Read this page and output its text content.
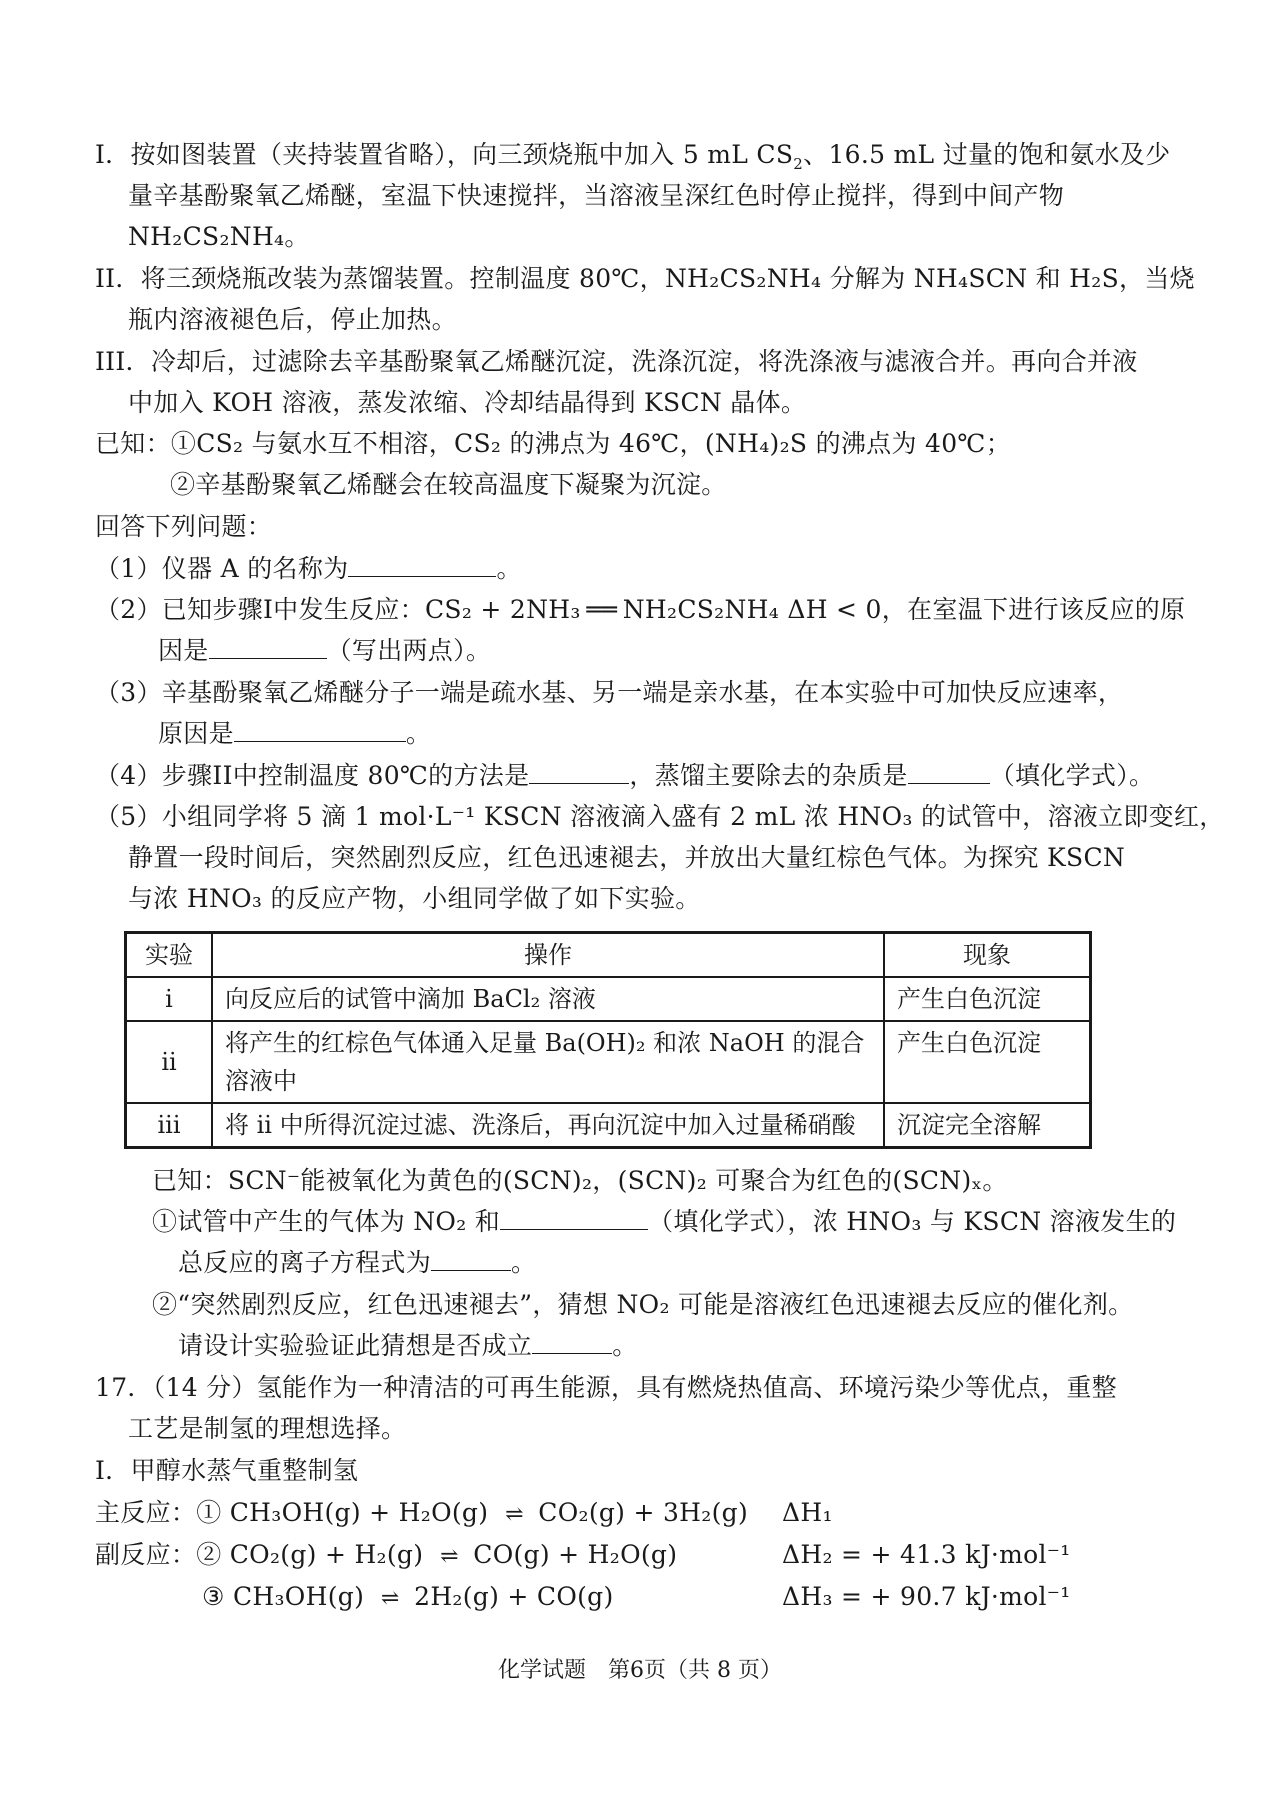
I．按如图装置（夹持装置省略），向三颈烧瓶中加入 5 mL $CS_2$、16.5 mL 过量的饱和氨水及少
量辛基酚聚氧乙烯醚，室温下快速搅拌，当溶液呈深红色时停止搅拌，得到中间产物
NH₂CS₂NH₄。
II．将三颈烧瓶改装为蒸馏装置。控制温度 80℃，NH₂CS₂NH₄ 分解为 NH₄SCN 和 H₂S，当烧
瓶内溶液褪色后，停止加热。
III．冷却后，过滤除去辛基酚聚氧乙烯醚沉淀，洗涤沉淀，将洗涤液与滤液合并。再向合并液
中加入 KOH 溶液，蒸发浓缩、冷却结晶得到 KSCN 晶体。
已知：①CS₂ 与氨水互不相溶，CS₂ 的沸点为 46℃，(NH₄)₂S 的沸点为 40℃；
②辛基酚聚氧乙烯醚会在较高温度下凝聚为沉淀。
回答下列问题：
（1）仪器 A 的名称为	。
（2）已知步骤I中发生反应：CS₂ + 2NH₃ ══ NH₂CS₂NH₄ ΔH < 0，在室温下进行该反应的原
因是	（写出两点）。
（3）辛基酚聚氧乙烯醚分子一端是疏水基、另一端是亲水基，在本实验中可加快反应速率，
原因是	。
（4）步骤II中控制温度 80℃的方法是	，蒸馏主要除去的杂质是	（填化学式）。
（5）小组同学将 5 滴 1 mol·L⁻¹ KSCN 溶液滴入盛有 2 mL 浓 HNO₃ 的试管中，溶液立即变红，
静置一段时间后，突然剧烈反应，红色迅速褪去，并放出大量红棕色气体。为探究 KSCN
与浓 HNO₃ 的反应产物，小组同学做了如下实验。
实验	操作	现象
i	向反应后的试管中滴加 BaCl₂ 溶液	产生白色沉淀
ii	将产生的红棕色气体通入足量 Ba(OH)₂ 和浓 NaOH 的混合溶液中	产生白色沉淀
iii	将 ii 中所得沉淀过滤、洗涤后，再向沉淀中加入过量稀硝酸	沉淀完全溶解
已知：SCN⁻能被氧化为黄色的(SCN)₂，(SCN)₂ 可聚合为红色的(SCN)ₓ。
①试管中产生的气体为 NO₂ 和	（填化学式），浓 HNO₃ 与 KSCN 溶液发生的
总反应的离子方程式为	。
②“突然剧烈反应，红色迅速褪去”，猜想 NO₂ 可能是溶液红色迅速褪去反应的催化剂。
请设计实验验证此猜想是否成立	。
17．（14 分）氢能作为一种清洁的可再生能源，具有燃烧热值高、环境污染少等优点，重整
工艺是制氢的理想选择。
I．甲醇水蒸气重整制氢
主反应：① CH₃OH(g) + H₂O(g) ⇌ CO₂(g) + 3H₂(g) ΔH₁
副反应：② CO₂(g) + H₂(g) ⇌ CO(g) + H₂O(g)	ΔH₂ = + 41.3 kJ·mol⁻¹
③ CH₃OH(g) ⇌ 2H₂(g) + CO(g)	ΔH₃ = + 90.7 kJ·mol⁻¹
化学试题　第6页（共 8 页）
